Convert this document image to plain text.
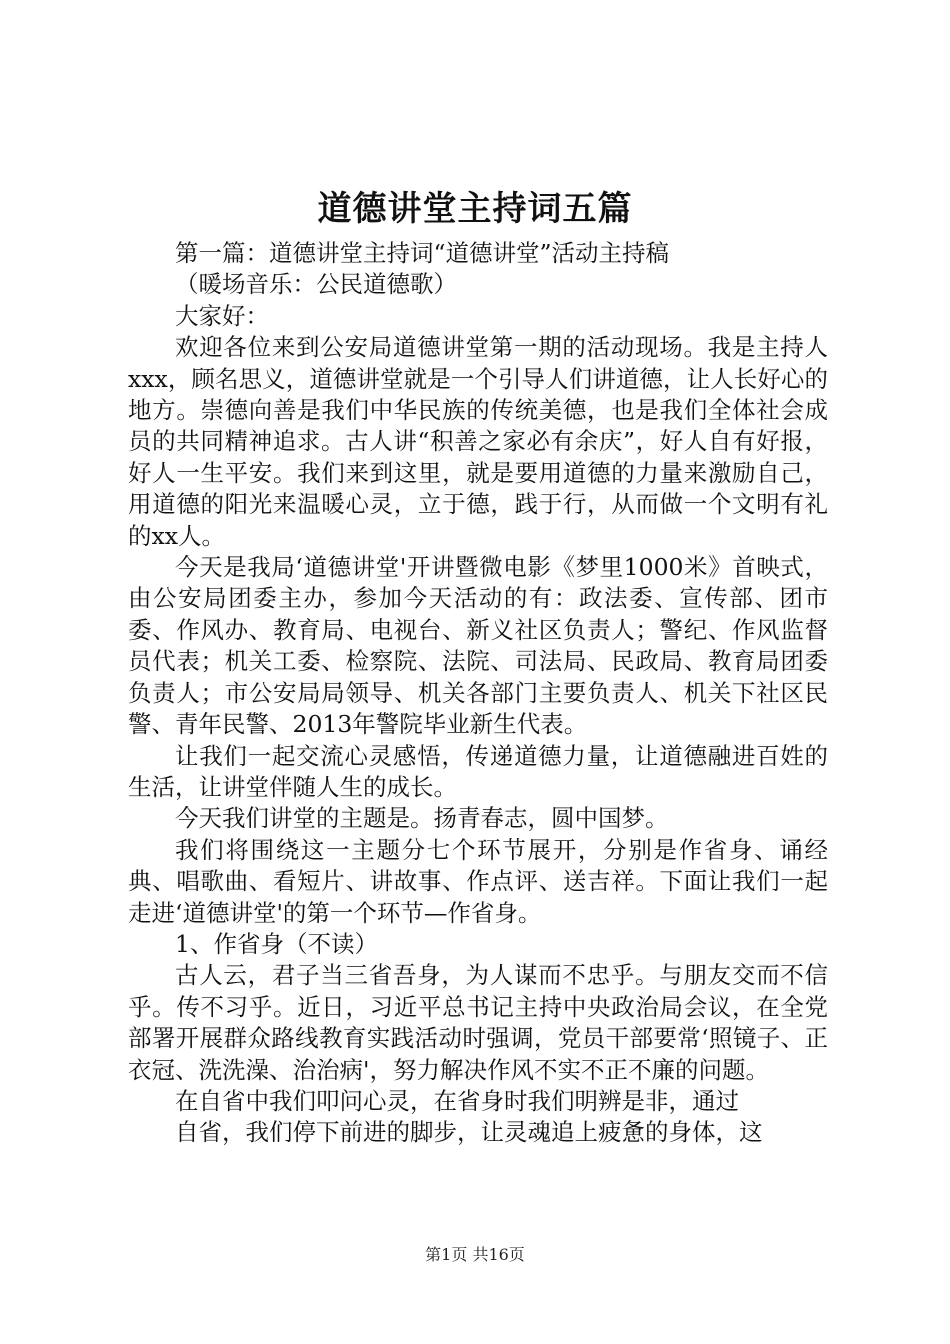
道德讲堂主持词五篇

第一篇：道德讲堂主持词“道德讲堂”活动主持稿

（暖场音乐：公民道德歌）

大家好：

欢迎各位来到公安局道德讲堂第一期的活动现场。我是主持人xxx，顾名思义，道德讲堂就是一个引导人们讲道德，让人长好心的地方。崇德向善是我们中华民族的传统美德，也是我们全体社会成员的共同精神追求。古人讲“积善之家必有余庆”，好人自有好报，好人一生平安。我们来到这里，就是要用道德的力量来激励自己，用道德的阳光来温暖心灵，立于德，践于行，从而做一个文明有礼的xx人。

今天是我局‘道德讲堂'开讲暨微电影《梦里1000米》首映式，由公安局团委主办，参加今天活动的有：政法委、宣传部、团市委、作风办、教育局、电视台、新义社区负责人；警纪、作风监督员代表；机关工委、检察院、法院、司法局、民政局、教育局团委负责人；市公安局局领导、机关各部门主要负责人、机关下社区民警、青年民警、2013年警院毕业新生代表。

让我们一起交流心灵感悟，传递道德力量，让道德融进百姓的生活，让讲堂伴随人生的成长。

今天我们讲堂的主题是。扬青春志，圆中国梦。

我们将围绕这一主题分七个环节展开，分别是作省身、诵经典、唱歌曲、看短片、讲故事、作点评、送吉祥。下面让我们一起走进‘道德讲堂'的第一个环节—作省身。

1、作省身（不读）

古人云，君子当三省吾身，为人谋而不忠乎。与朋友交而不信乎。传不习乎。近日，习近平总书记主持中央政治局会议，在全党部署开展群众路线教育实践活动时强调，党员干部要常‘照镜子、正衣冠、洗洗澡、治治病'，努力解决作风不实不正不廉的问题。

在自省中我们叩问心灵，在省身时我们明辨是非，通过

自省，我们停下前进的脚步，让灵魂追上疲惫的身体，这

第1页 共16页
